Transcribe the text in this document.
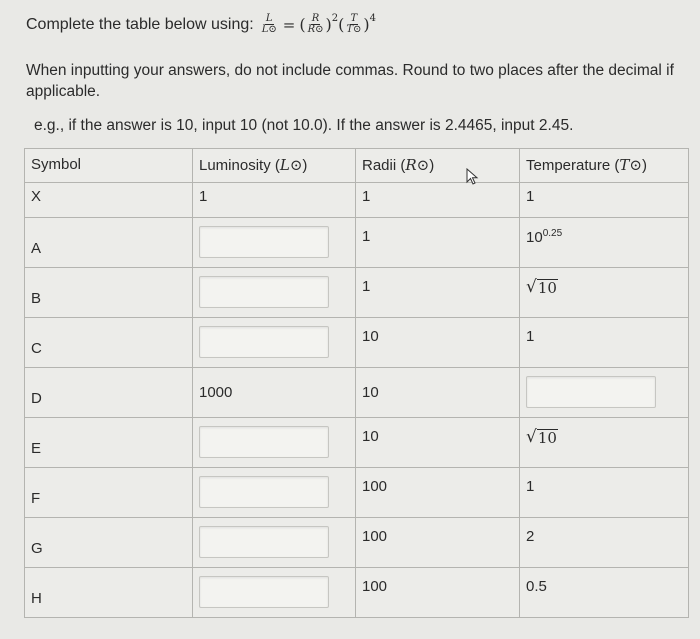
Complete the table below using: $\frac{L}{L⊙}$ = ( $\frac{R}{R⊙} )^2$ ( $\frac{T}{T⊙} )^4$
When inputting your answers, do not include commas. Round to two places after the decimal if applicable.
e.g., if the answer is 10, input 10 (not 10.0). If the answer is 2.4465, input 2.45.
Symbol	Luminosity (L⊙)	Radii (R⊙)	Temperature (T⊙)
X	1	1	1

A		1	$10^{0.25}$

B		1	√ 10

C		10	1

D	1000	10

E		10	√ 10

F		100	1

G		100	2

H		100	0.5
